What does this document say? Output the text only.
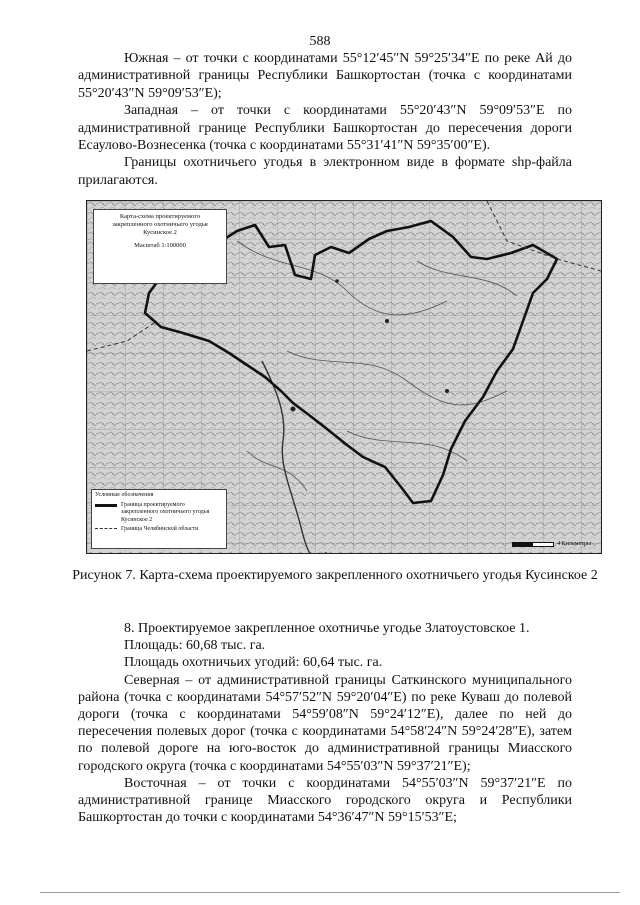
588

Южная – от точки с координатами 55°12′45″N 59°25′34″E по реке Ай до административной границы Республики Башкортостан (точка с координатами 55°20′43″N 59°09′53″E);

Западная – от точки с координатами 55°20′43″N 59°09′53″E по административной границе Республики Башкортостан до пересечения дороги Есаулово-Вознесенка (точка с координатами 55°31′41″N 59°35′00″E).

Границы охотничьего угодья в электронном виде в формате shp-файла прилагаются.

Карта-схема проектируемого
закрепленного охотничьего угодья
Кусинское 2
Масштаб 1:100000
Условные обозначения
Граница проектируемого закрепленного охотничьего угодья Кусинское 2
Граница Челябинской области
4 Километры
Рисунок 7. Карта-схема проектируемого закрепленного охотничьего угодья Кусинское 2

8. Проектируемое закрепленное охотничье угодье Златоустовское 1.

Площадь: 60,68 тыс. га.

Площадь охотничьих угодий: 60,64 тыс. га.

Северная – от административной границы Саткинского муниципального района (точка с координатами 54°57′52″N 59°20′04″E) по реке Куваш до полевой дороги (точка с координатами 54°59′08″N 59°24′12″E), далее по ней до пересечения полевых дорог (точка с координатами 54°58′24″N 59°24′28″E), затем по полевой дороге на юго-восток до административной границы Миасского городского округа (точка с координатами 54°55′03″N 59°37′21″E);

Восточная – от точки с координатами 54°55′03″N 59°37′21″E по административной границе Миасского городского округа и Республики Башкортостан до точки с координатами 54°36′47″N 59°15′53″E;
